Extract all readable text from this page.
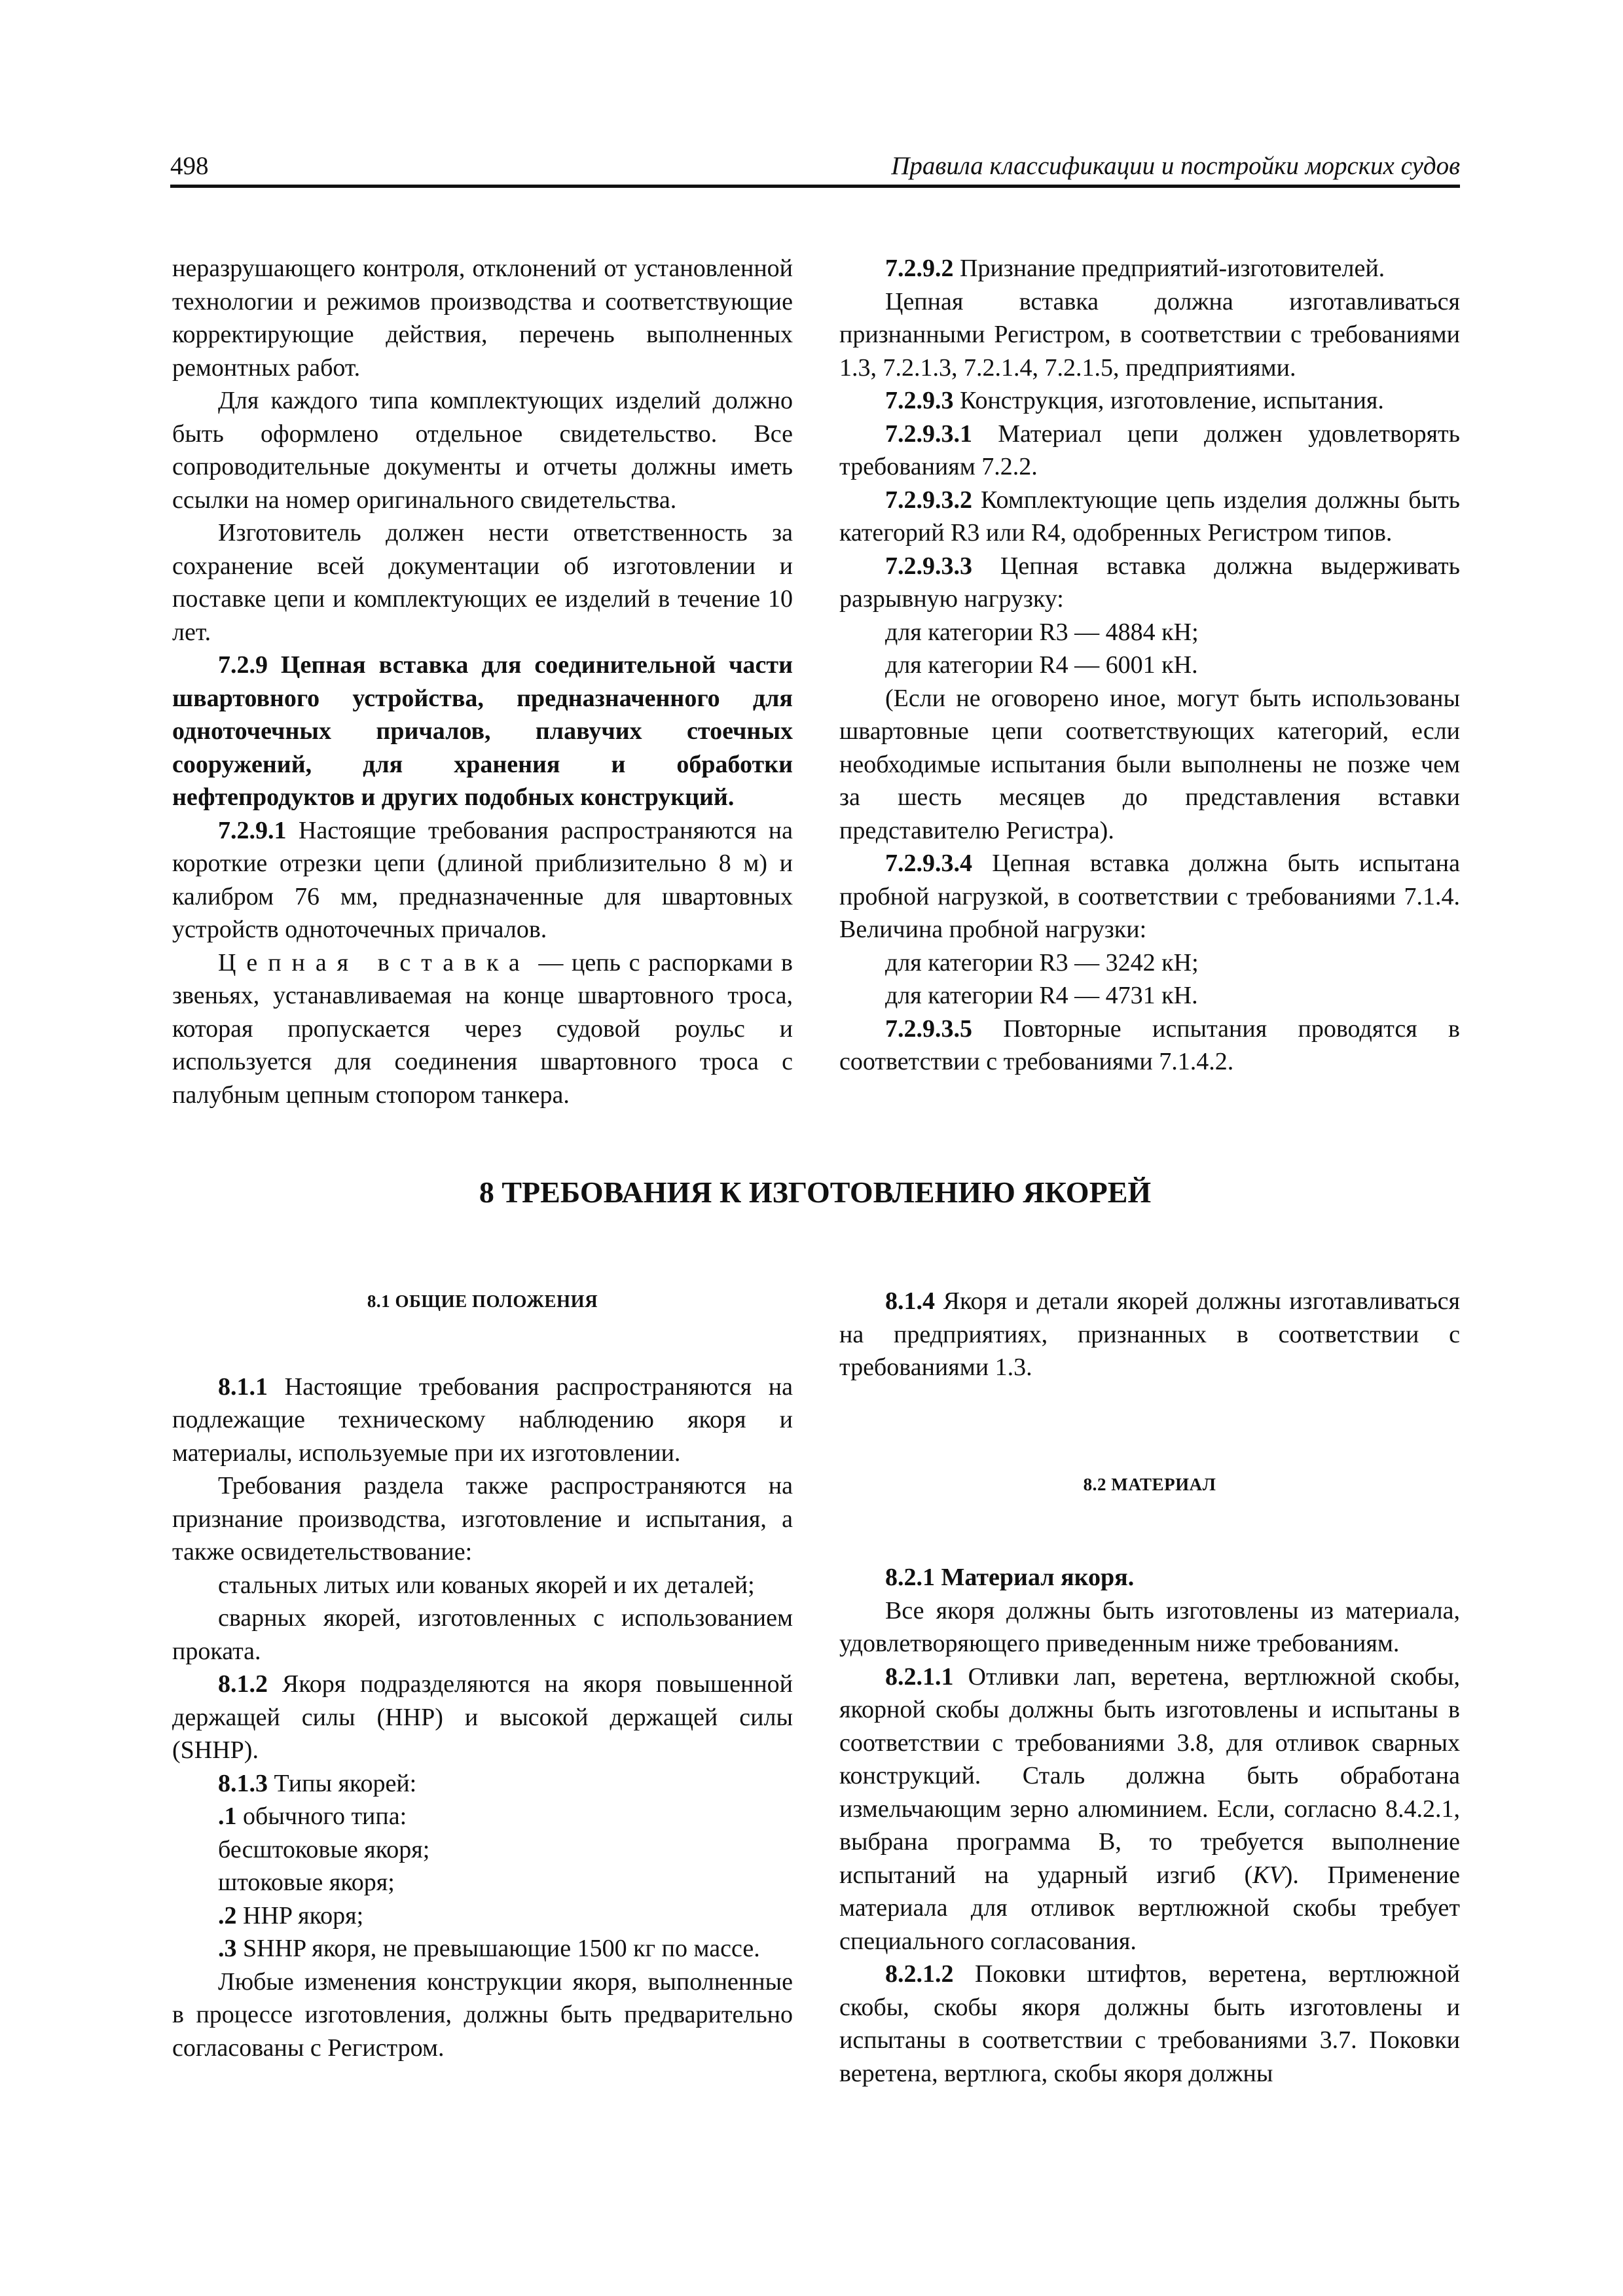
498	Правила классификации и постройки морских судов

неразрушающего контроля, отклонений от установленной технологии и режимов производства и соответствующие корректирующие действия, перечень выполненных ремонтных работ.

Для каждого типа комплектующих изделий должно быть оформлено отдельное свидетельство. Все сопроводительные документы и отчеты должны иметь ссылки на номер оригинального свидетельства.

Изготовитель должен нести ответственность за сохранение всей документации об изготовлении и поставке цепи и комплектующих ее изделий в течение 10 лет.

7.2.9 Цепная вставка для соединительной части швартовного устройства, предназначенного для одноточечных причалов, плавучих стоечных сооружений, для хранения и обработки нефтепродуктов и других подобных конструкций.

7.2.9.1 Настоящие требования распространяются на короткие отрезки цепи (длиной приблизительно 8 м) и калибром 76 мм, предназначенные для швартовных устройств одноточечных причалов.

Цепная вставка — цепь с распорками в звеньях, устанавливаемая на конце швартовного троса, которая пропускается через судовой роульс и используется для соединения швартовного троса с палубным цепным стопором танкера.

7.2.9.2 Признание предприятий-изготовителей.

Цепная вставка должна изготавливаться признанными Регистром, в соответствии с требованиями 1.3, 7.2.1.3, 7.2.1.4, 7.2.1.5, предприятиями.

7.2.9.3 Конструкция, изготовление, испытания.

7.2.9.3.1 Материал цепи должен удовлетворять требованиям 7.2.2.

7.2.9.3.2 Комплектующие цепь изделия должны быть категорий R3 или R4, одобренных Регистром типов.

7.2.9.3.3 Цепная вставка должна выдерживать разрывную нагрузку:

для категории R3 — 4884 кН;

для категории R4 — 6001 кН.

(Если не оговорено иное, могут быть использованы швартовные цепи соответствующих категорий, если необходимые испытания были выполнены не позже чем за шесть месяцев до представления вставки представителю Регистра).

7.2.9.3.4 Цепная вставка должна быть испытана пробной нагрузкой, в соответствии с требованиями 7.1.4. Величина пробной нагрузки:

для категории R3 — 3242 кН;

для категории R4 — 4731 кН.

7.2.9.3.5 Повторные испытания проводятся в соответствии с требованиями 7.1.4.2.

8 ТРЕБОВАНИЯ К ИЗГОТОВЛЕНИЮ ЯКОРЕЙ

8.1 ОБЩИЕ ПОЛОЖЕНИЯ

8.1.1 Настоящие требования распространяются на подлежащие техническому наблюдению якоря и материалы, используемые при их изготовлении.

Требования раздела также распространяются на признание производства, изготовление и испытания, а также освидетельствование:

стальных литых или кованых якорей и их деталей;

сварных якорей, изготовленных с использованием проката.

8.1.2 Якоря подразделяются на якоря повышенной держащей силы (HHP) и высокой держащей силы (SHHP).

8.1.3 Типы якорей:

.1 обычного типа:

бесштоковые якоря;

штоковые якоря;

.2 HHP якоря;

.3 SHHP якоря, не превышающие 1500 кг по массе.

Любые изменения конструкции якоря, выполненные в процессе изготовления, должны быть предварительно согласованы с Регистром.

8.1.4 Якоря и детали якорей должны изготавливаться на предприятиях, признанных в соответствии с требованиями 1.3.

8.2 МАТЕРИАЛ

8.2.1 Материал якоря.

Все якоря должны быть изготовлены из материала, удовлетворяющего приведенным ниже требованиям.

8.2.1.1 Отливки лап, веретена, вертлюжной скобы, якорной скобы должны быть изготовлены и испытаны в соответствии с требованиями 3.8, для отливок сварных конструкций. Сталь должна быть обработана измельчающим зерно алюминием. Если, согласно 8.4.2.1, выбрана программа В, то требуется выполнение испытаний на ударный изгиб (KV). Применение материала для отливок вертлюжной скобы требует специального согласования.

8.2.1.2 Поковки штифтов, веретена, вертлюжной скобы, скобы якоря должны быть изготовлены и испытаны в соответствии с требованиями 3.7. Поковки веретена, вертлюга, скобы якоря должны
